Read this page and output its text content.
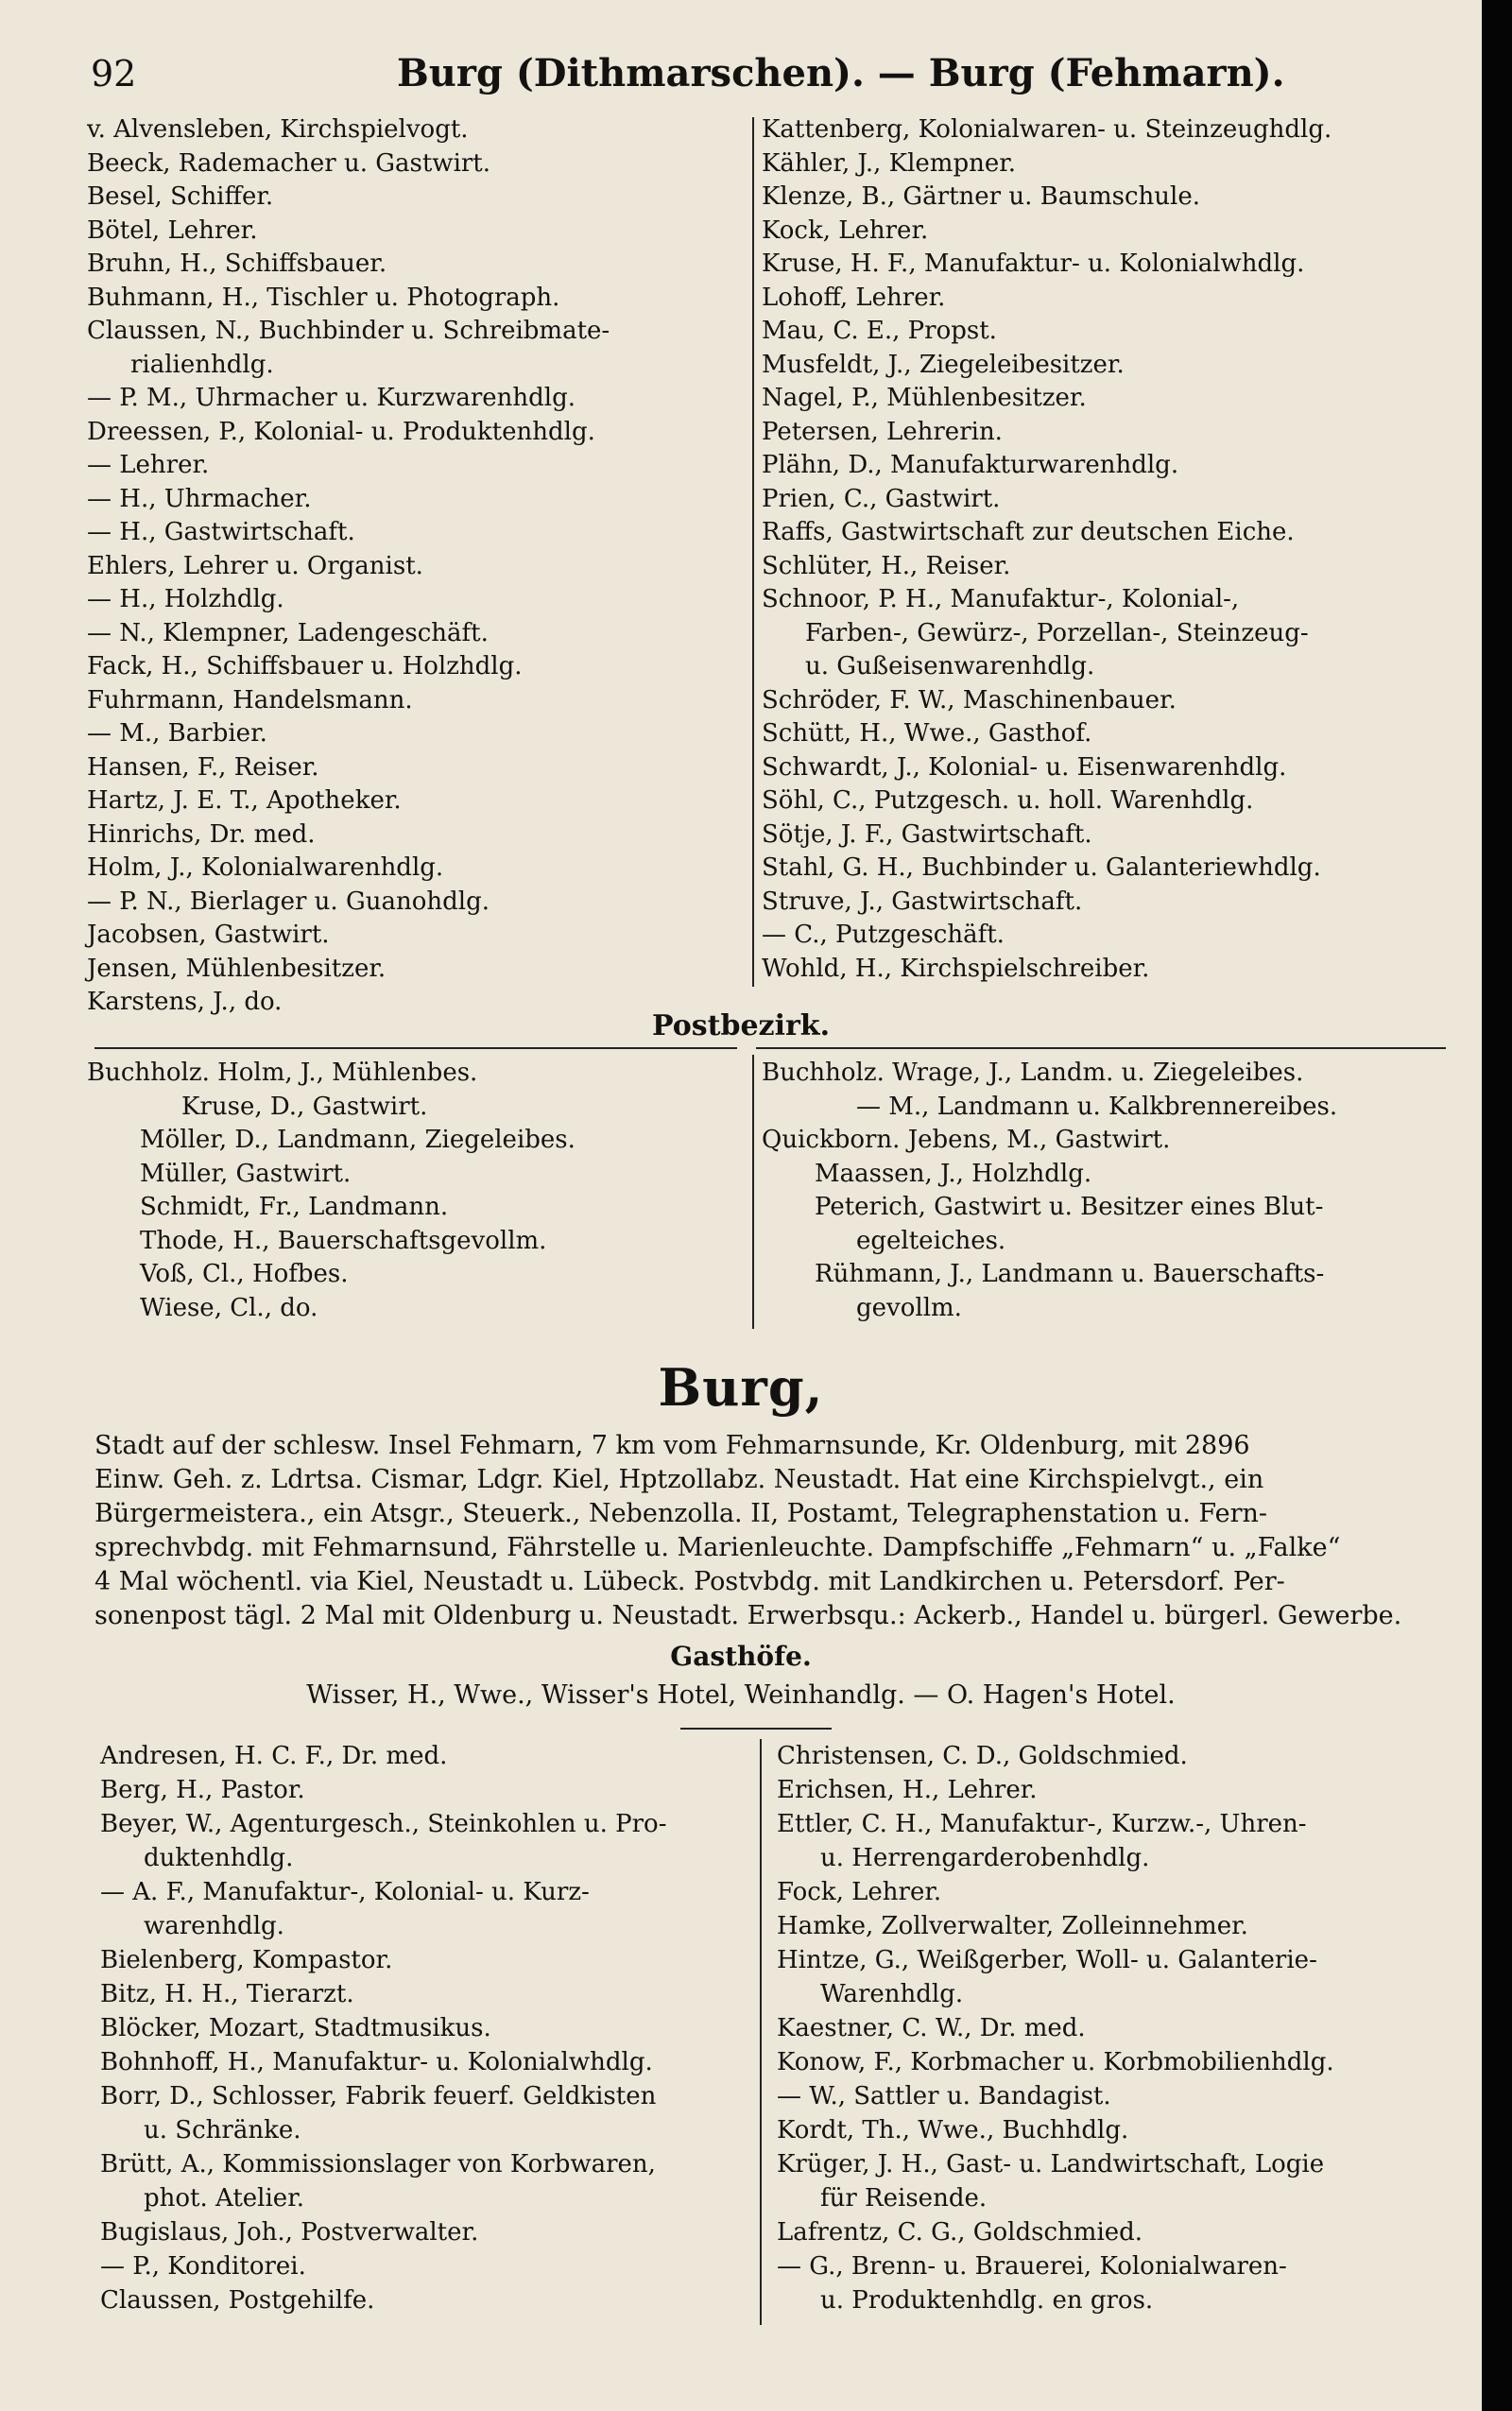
92	Burg (Dithmarschen). — Burg (Fehmarn).
v. Alvensleben, Kirchspielvogt.
Beeck, Rademacher u. Gastwirt.
Besel, Schiffer.
Bötel, Lehrer.
Bruhn, H., Schiffsbauer.
Buhmann, H., Tischler u. Photograph.
Claussen, N., Buchbinder u. Schreibmate-
rialienhdlg.
— P. M., Uhrmacher u. Kurzwarenhdlg.
Dreessen, P., Kolonial- u. Produktenhdlg.
— Lehrer.
— H., Uhrmacher.
— H., Gastwirtschaft.
Ehlers, Lehrer u. Organist.
— H., Holzhdlg.
— N., Klempner, Ladengeschäft.
Fack, H., Schiffsbauer u. Holzhdlg.
Fuhrmann, Handelsmann.
— M., Barbier.
Hansen, F., Reiser.
Hartz, J. E. T., Apotheker.
Hinrichs, Dr. med.
Holm, J., Kolonialwarenhdlg.
— P. N., Bierlager u. Guanohdlg.
Jacobsen, Gastwirt.
Jensen, Mühlenbesitzer.
Karstens, J., do.
Kattenberg, Kolonialwaren- u. Steinzeughdlg.
Kähler, J., Klempner.
Klenze, B., Gärtner u. Baumschule.
Kock, Lehrer.
Kruse, H. F., Manufaktur- u. Kolonialwhdlg.
Lohoff, Lehrer.
Mau, C. E., Propst.
Musfeldt, J., Ziegeleibesitzer.
Nagel, P., Mühlenbesitzer.
Petersen, Lehrerin.
Plähn, D., Manufakturwarenhdlg.
Prien, C., Gastwirt.
Raffs, Gastwirtschaft zur deutschen Eiche.
Schlüter, H., Reiser.
Schnoor, P. H., Manufaktur-, Kolonial-,
Farben-, Gewürz-, Porzellan-, Steinzeug-
u. Gußeisenwarenhdlg.
Schröder, F. W., Maschinenbauer.
Schütt, H., Wwe., Gasthof.
Schwardt, J., Kolonial- u. Eisenwarenhdlg.
Söhl, C., Putzgesch. u. holl. Warenhdlg.
Sötje, J. F., Gastwirtschaft.
Stahl, G. H., Buchbinder u. Galanteriewhdlg.
Struve, J., Gastwirtschaft.
— C., Putzgeschäft.
Wohld, H., Kirchspielschreiber.
Postbezirk.
Buchholz. Holm, J., Mühlenbes.
Kruse, D., Gastwirt.
Möller, D., Landmann, Ziegeleibes.
Müller, Gastwirt.
Schmidt, Fr., Landmann.
Thode, H., Bauerschaftsgevollm.
Voß, Cl., Hofbes.
Wiese, Cl., do.
Buchholz. Wrage, J., Landm. u. Ziegeleibes.
— M., Landmann u. Kalkbrennereibes.
Quickborn. Jebens, M., Gastwirt.
Maassen, J., Holzhdlg.
Peterich, Gastwirt u. Besitzer eines Blut-
egelteiches.
Rühmann, J., Landmann u. Bauerschafts-
gevollm.
Burg,
Stadt auf der schlesw. Insel Fehmarn, 7 km vom Fehmarnsunde, Kr. Oldenburg, mit 2896
Einw. Geh. z. Ldrtsa. Cismar, Ldgr. Kiel, Hptzollabz. Neustadt. Hat eine Kirchspielvgt., ein
Bürgermeistera., ein Atsgr., Steuerk., Nebenzolla. II, Postamt, Telegraphenstation u. Fern-
sprechvbdg. mit Fehmarnsund, Fährstelle u. Marienleuchte. Dampfschiffe „Fehmarn“ u. „Falke“
4 Mal wöchentl. via Kiel, Neustadt u. Lübeck. Postvbdg. mit Landkirchen u. Petersdorf. Per-
sonenpost tägl. 2 Mal mit Oldenburg u. Neustadt. Erwerbsqu.: Ackerb., Handel u. bürgerl. Gewerbe.
Gasthöfe.
Wisser, H., Wwe., Wisser's Hotel, Weinhandlg. — O. Hagen's Hotel.
Andresen, H. C. F., Dr. med.
Berg, H., Pastor.
Beyer, W., Agenturgesch., Steinkohlen u. Pro-
duktenhdlg.
— A. F., Manufaktur-, Kolonial- u. Kurz-
warenhdlg.
Bielenberg, Kompastor.
Bitz, H. H., Tierarzt.
Blöcker, Mozart, Stadtmusikus.
Bohnhoff, H., Manufaktur- u. Kolonialwhdlg.
Borr, D., Schlosser, Fabrik feuerf. Geldkisten
u. Schränke.
Brütt, A., Kommissionslager von Korbwaren,
phot. Atelier.
Bugislaus, Joh., Postverwalter.
— P., Konditorei.
Claussen, Postgehilfe.
Christensen, C. D., Goldschmied.
Erichsen, H., Lehrer.
Ettler, C. H., Manufaktur-, Kurzw.-, Uhren-
u. Herrengarderobenhdlg.
Fock, Lehrer.
Hamke, Zollverwalter, Zolleinnehmer.
Hintze, G., Weißgerber, Woll- u. Galanterie-
Warenhdlg.
Kaestner, C. W., Dr. med.
Konow, F., Korbmacher u. Korbmobilienhdlg.
— W., Sattler u. Bandagist.
Kordt, Th., Wwe., Buchhdlg.
Krüger, J. H., Gast- u. Landwirtschaft, Logie
für Reisende.
Lafrentz, C. G., Goldschmied.
— G., Brenn- u. Brauerei, Kolonialwaren-
u. Produktenhdlg. en gros.
